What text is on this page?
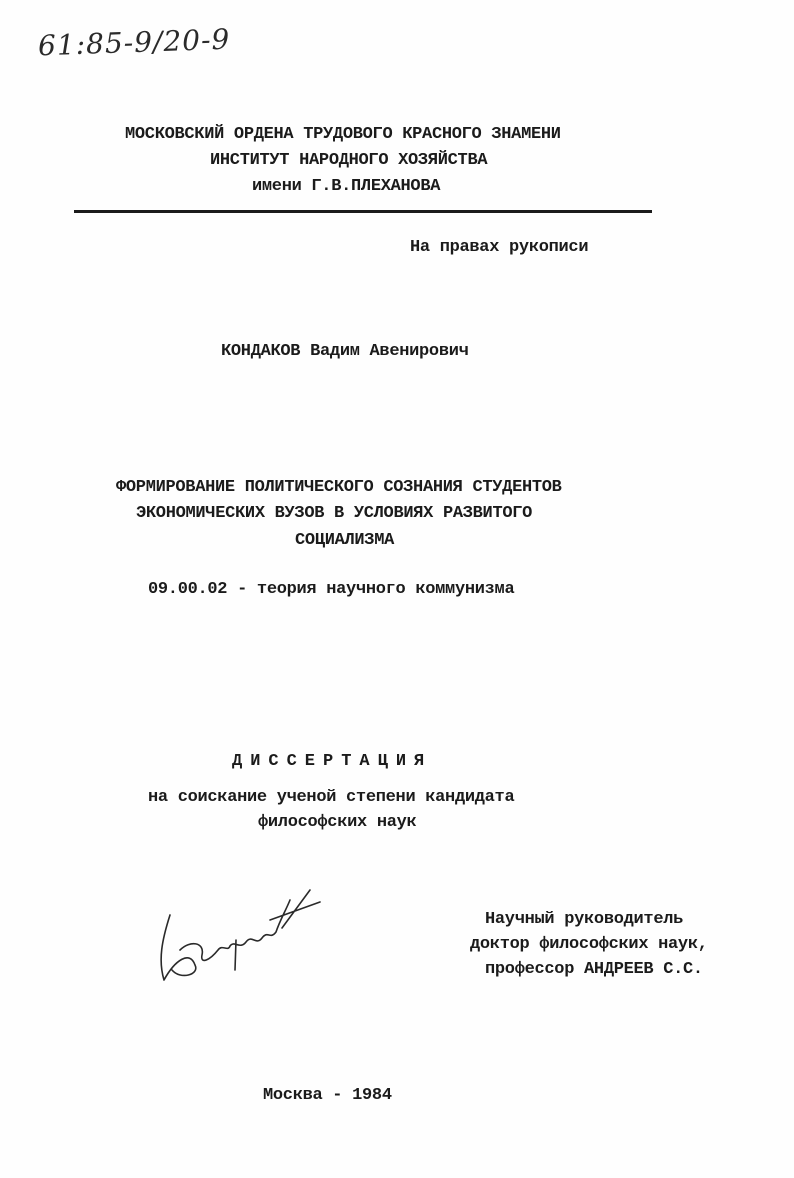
61:85-9/20-9
МОСКОВСКИЙ ОРДЕНА ТРУДОВОГО КРАСНОГО ЗНАМЕНИ
ИНСТИТУТ НАРОДНОГО ХОЗЯЙСТВА
имени Г.В.ПЛЕХАНОВА
На правах рукописи
КОНДАКОВ Вадим Авенирович
ФОРМИРОВАНИЕ ПОЛИТИЧЕСКОГО СОЗНАНИЯ СТУДЕНТОВ
ЭКОНОМИЧЕСКИХ ВУЗОВ В УСЛОВИЯХ РАЗВИТОГО
СОЦИАЛИЗМА
09.00.02 - теория научного коммунизма
ДИССЕРТАЦИЯ
на соискание ученой степени кандидата
философских наук
Научный руководитель
доктор философских наук,
профессор АНДРЕЕВ С.С.
Москва - 1984
